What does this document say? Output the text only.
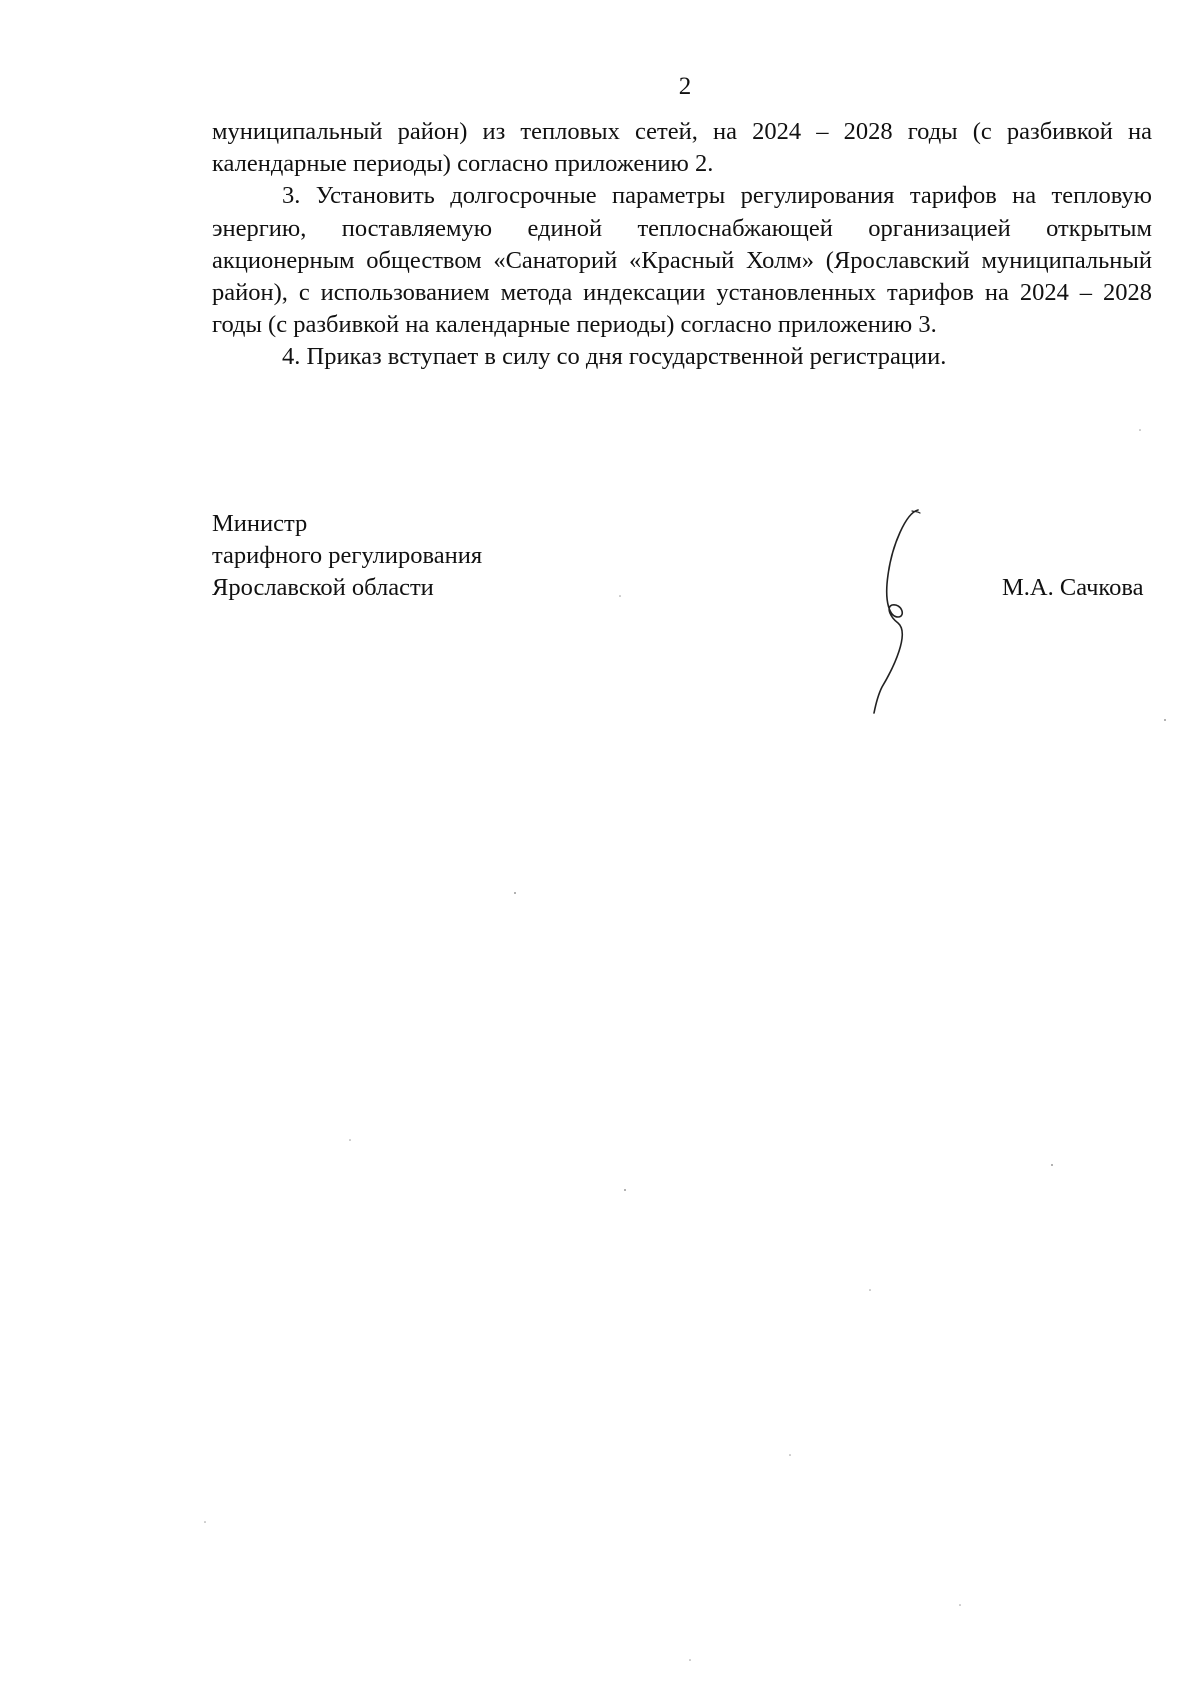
2

муниципальный район) из тепловых сетей, на 2024 – 2028 годы (с разбивкой на календарные периоды) согласно приложению 2.

3. Установить долгосрочные параметры регулирования тарифов на тепловую энергию, поставляемую единой теплоснабжающей организацией открытым акционерным обществом «Санаторий «Красный Холм» (Ярославский муниципальный район), с использованием метода индексации установленных тарифов на 2024 – 2028 годы (с разбивкой на календарные периоды) согласно приложению 3.

4. Приказ вступает в силу со дня государственной регистрации.

Министр
тарифного регулирования
Ярославской области	М.А. Сачкова
